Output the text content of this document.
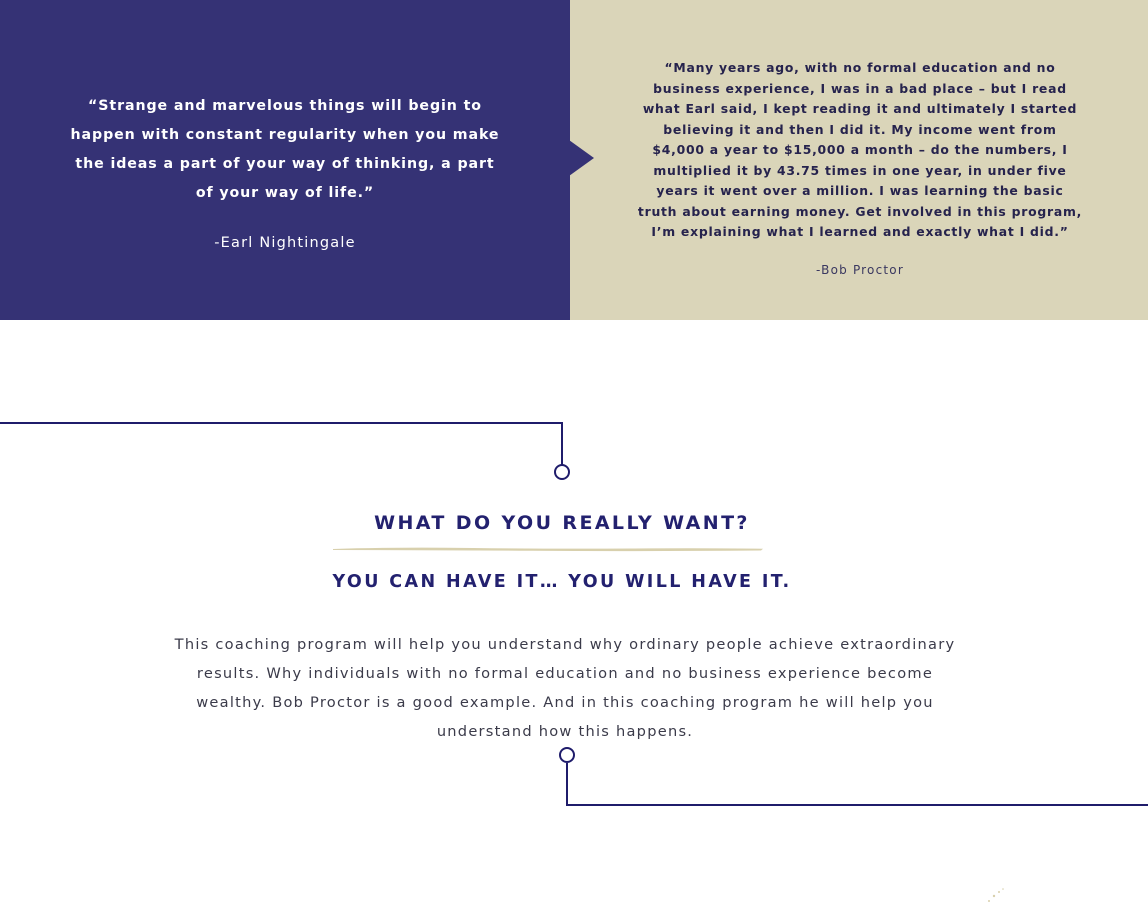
“Strange and marvelous things will begin to happen with constant regularity when you make the ideas a part of your way of thinking, a part of your way of life.”
-Earl Nightingale
“Many years ago, with no formal education and no business experience, I was in a bad place – but I read what Earl said, I kept reading it and ultimately I started believing it and then I did it. My income went from $4,000 a year to $15,000 a month – do the numbers, I multiplied it by 43.75 times in one year, in under five years it went over a million. I was learning the basic truth about earning money. Get involved in this program, I’m explaining what I learned and exactly what I did.”
-Bob Proctor
WHAT DO YOU REALLY WANT?
YOU CAN HAVE IT… YOU WILL HAVE IT.
This coaching program will help you understand why ordinary people achieve extraordinary results. Why individuals with no formal education and no business experience become wealthy. Bob Proctor is a good example. And in this coaching program he will help you understand how this happens.
